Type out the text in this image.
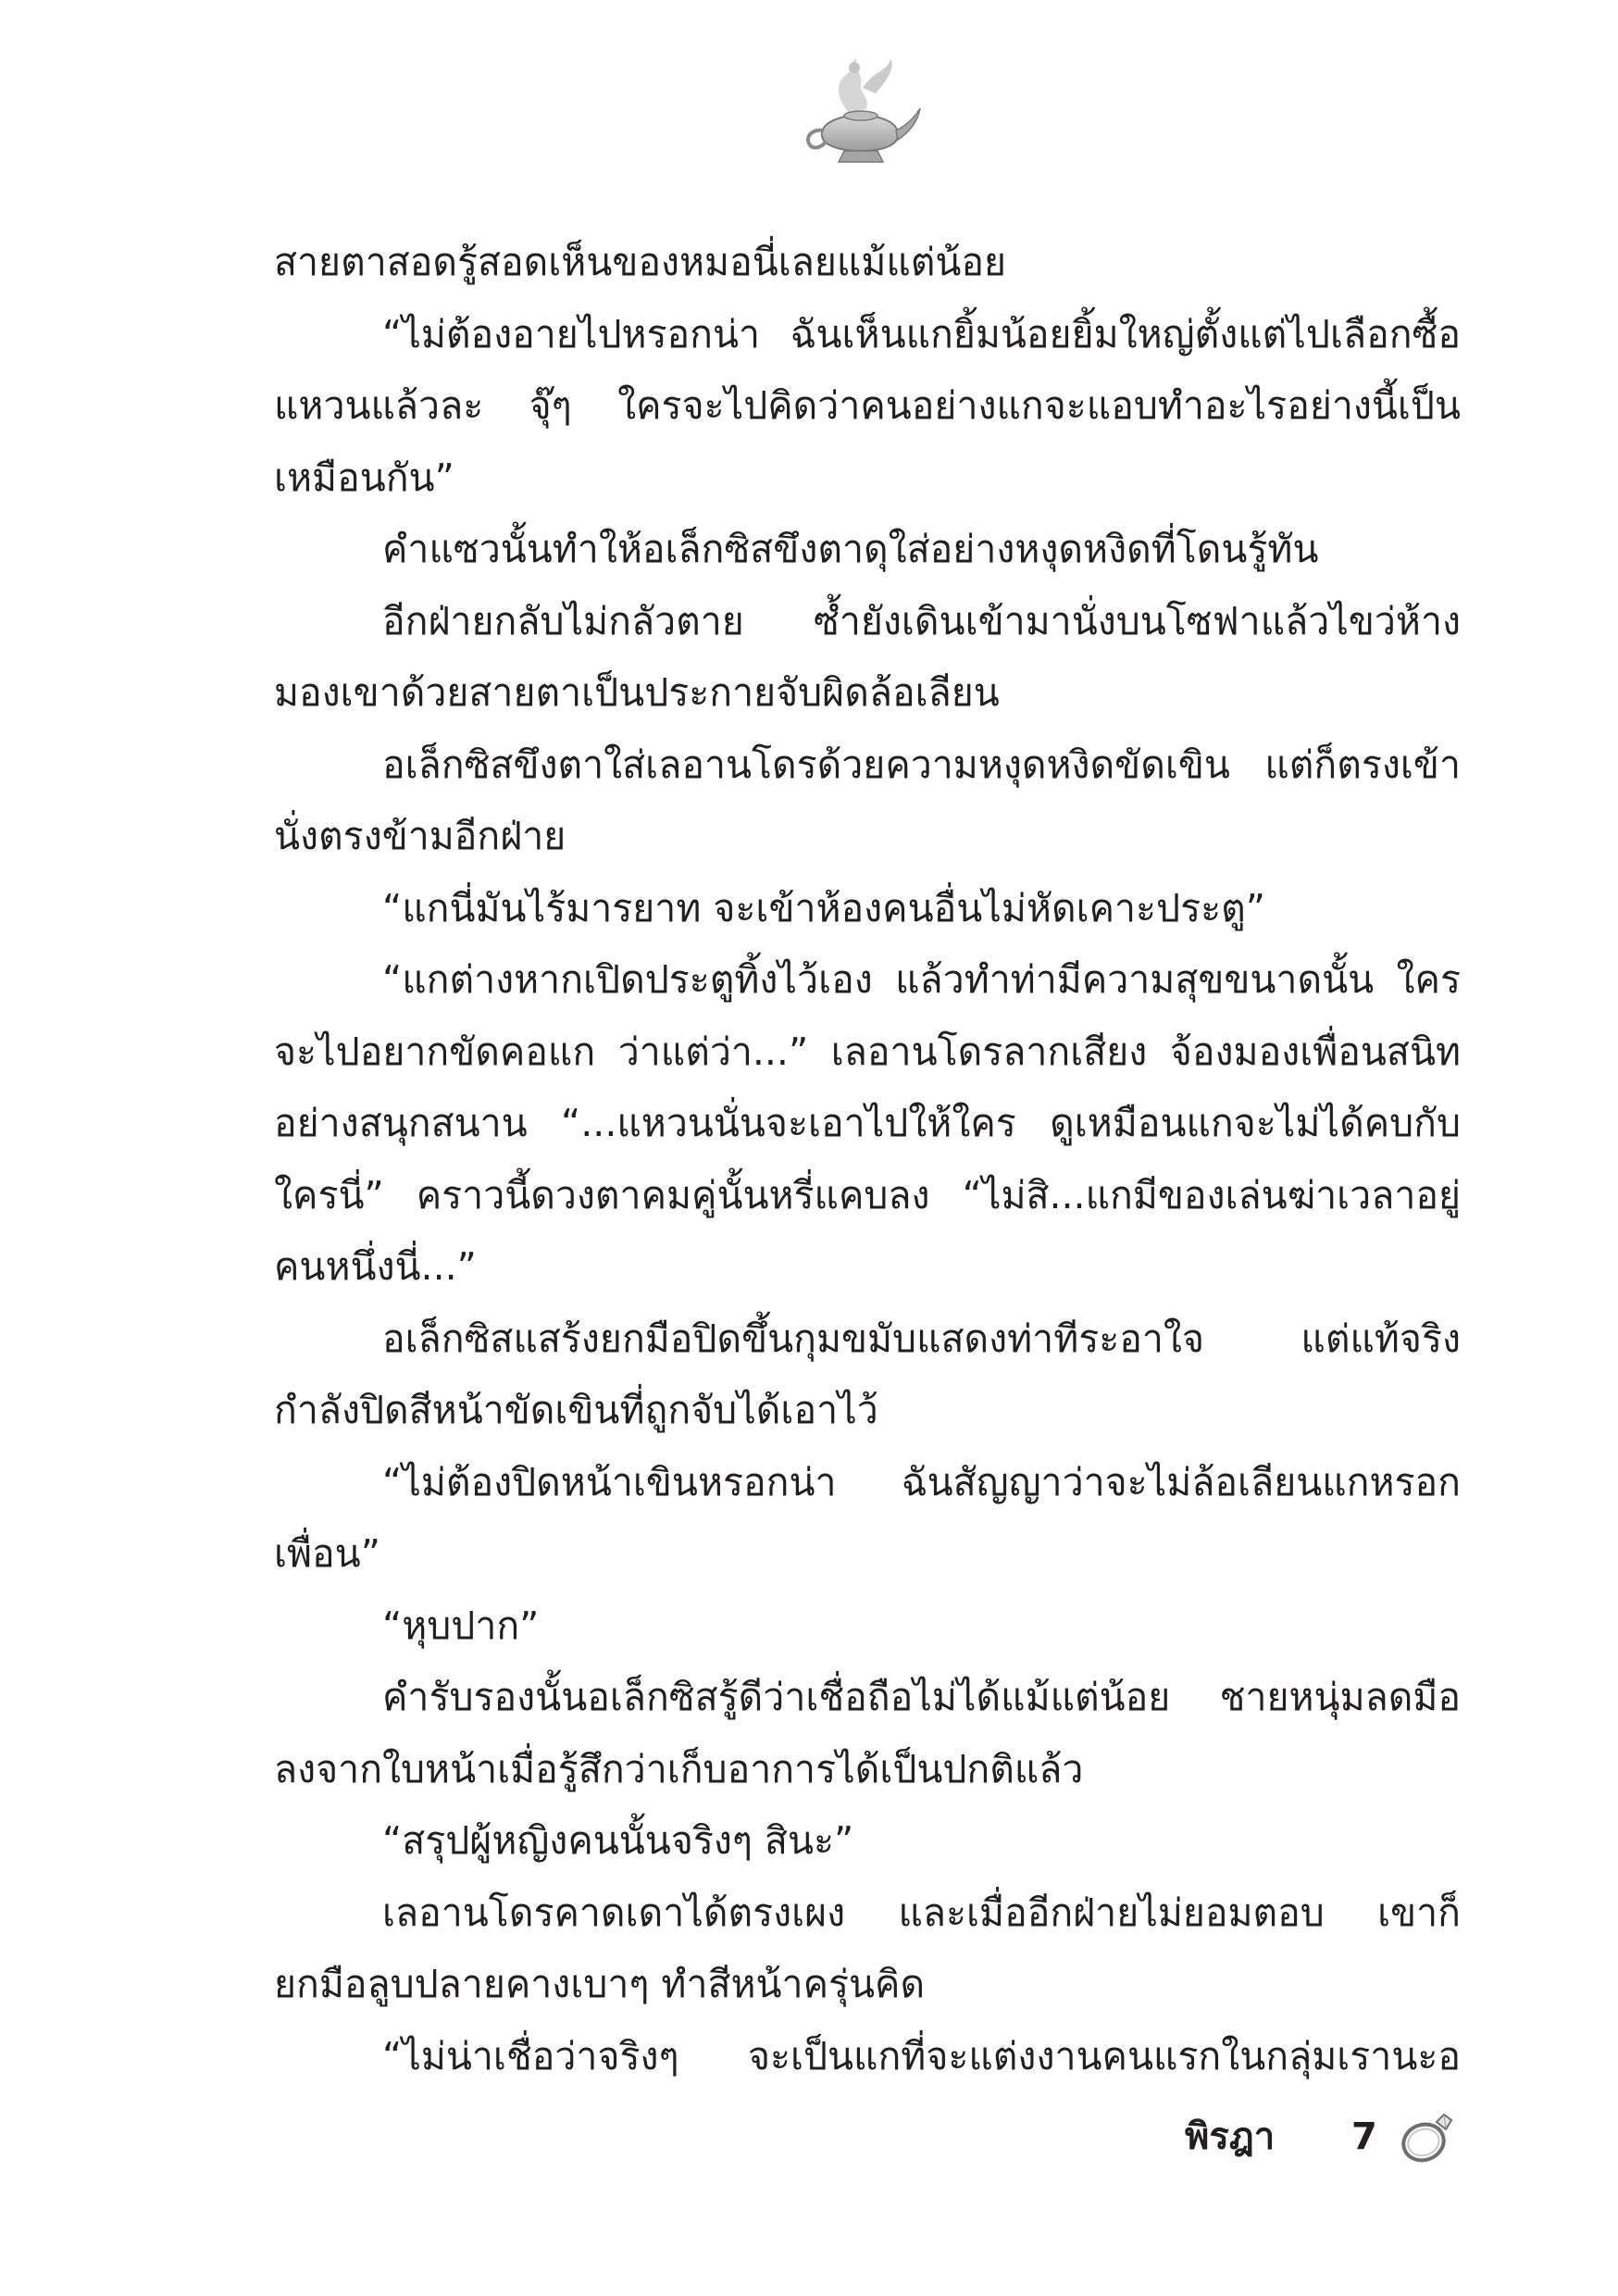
สายตาสอดรู้สอดเห็นของหมอนี่เลยแม้แต่น้อย
“ไม่ต้องอายไปหรอกน่า ฉันเห็นแกยิ้มน้อยยิ้มใหญ่ตั้งแต่ไปเลือกซื้อ
แหวนแล้วละ จุ๊ๆ ใครจะไปคิดว่าคนอย่างแกจะแอบทำอะไรอย่างนี้เป็น
เหมือนกัน”
คำแซวนั้นทำให้อเล็กซิสขึงตาดุใส่อย่างหงุดหงิดที่โดนรู้ทัน
อีกฝ่ายกลับไม่กลัวตาย ซ้ำยังเดินเข้ามานั่งบนโซฟาแล้วไขว่ห้าง
มองเขาด้วยสายตาเป็นประกายจับผิดล้อเลียน
อเล็กซิสขึงตาใส่เลอานโดรด้วยความหงุดหงิดขัดเขิน แต่ก็ตรงเข้า
นั่งตรงข้ามอีกฝ่าย
“แกนี่มันไร้มารยาท จะเข้าห้องคนอื่นไม่หัดเคาะประตู”
“แกต่างหากเปิดประตูทิ้งไว้เอง แล้วทำท่ามีความสุขขนาดนั้น ใคร
จะไปอยากขัดคอแก ว่าแต่ว่า...” เลอานโดรลากเสียง จ้องมองเพื่อนสนิท
อย่างสนุกสนาน “...แหวนนั่นจะเอาไปให้ใคร ดูเหมือนแกจะไม่ได้คบกับ
ใครนี่” คราวนี้ดวงตาคมคู่นั้นหรี่แคบลง “ไม่สิ...แกมีของเล่นฆ่าเวลาอยู่
คนหนึ่งนี่...”
อเล็กซิสแสร้งยกมือปิดขึ้นกุมขมับแสดงท่าทีระอาใจ แต่แท้จริง
กำลังปิดสีหน้าขัดเขินที่ถูกจับได้เอาไว้
“ไม่ต้องปิดหน้าเขินหรอกน่า ฉันสัญญาว่าจะไม่ล้อเลียนแกหรอก
เพื่อน”
“หุบปาก”
คำรับรองนั้นอเล็กซิสรู้ดีว่าเชื่อถือไม่ได้แม้แต่น้อย ชายหนุ่มลดมือ
ลงจากใบหน้าเมื่อรู้สึกว่าเก็บอาการได้เป็นปกติแล้ว
“สรุปผู้หญิงคนนั้นจริงๆ สินะ”
เลอานโดรคาดเดาได้ตรงเผง และเมื่ออีกฝ่ายไม่ยอมตอบ เขาก็
ยกมือลูบปลายคางเบาๆ ทำสีหน้าครุ่นคิด
“ไม่น่าเชื่อว่าจริงๆ จะเป็นแกที่จะแต่งงานคนแรกในกลุ่มเรานะอ
พิรฎา 7
